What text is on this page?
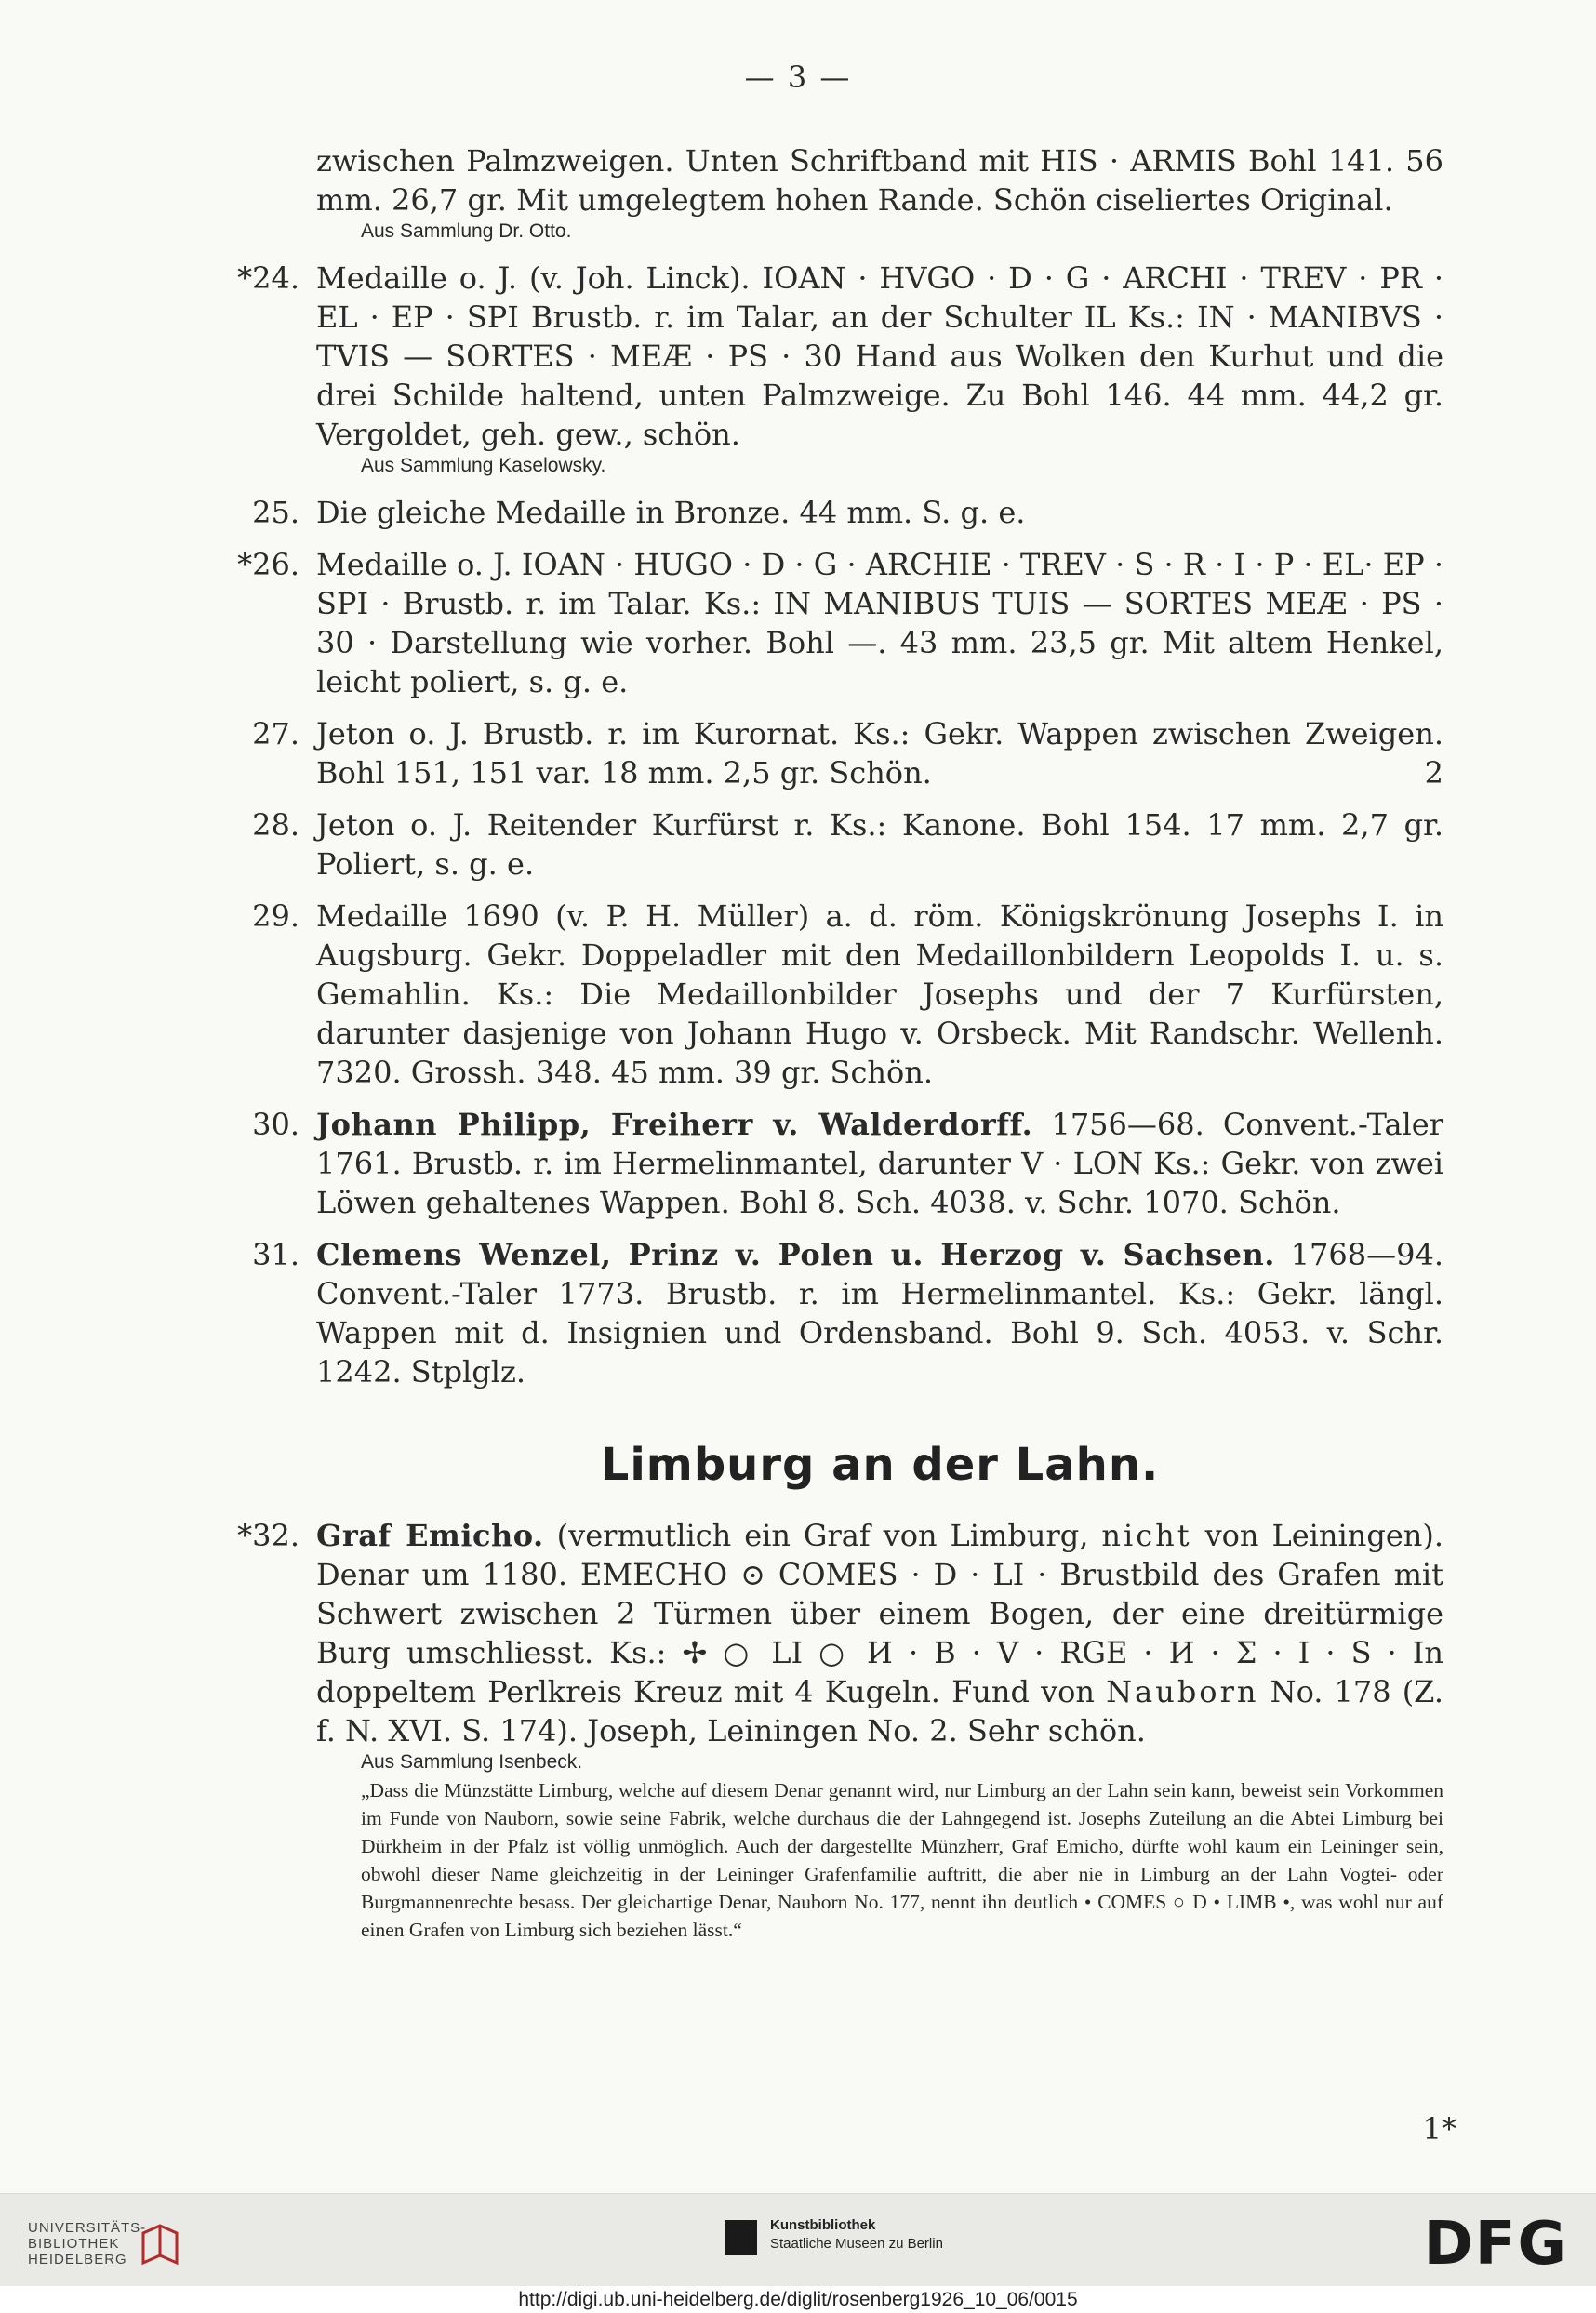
— 3 —
zwischen Palmzweigen. Unten Schriftband mit HIS · ARMIS Bohl 141. 56 mm. 26,7 gr. Mit umgelegtem hohen Rande. Schön ciseliertes Original.
Aus Sammlung Dr. Otto.
*24. Medaille o. J. (v. Joh. Linck). IOAN · HVGO · D · G · ARCHI · TREV · PR · EL · EP · SPI Brustb. r. im Talar, an der Schulter IL Ks.: IN · MANIBVS · TVIS — SORTES · MEÆ · PS · 30 Hand aus Wolken den Kurhut und die drei Schilde haltend, unten Palmzweige. Zu Bohl 146. 44 mm. 44,2 gr. Vergoldet, geh. gew., schön.
Aus Sammlung Kaselowsky.
25. Die gleiche Medaille in Bronze. 44 mm. S. g. e.
*26. Medaille o. J. IOAN · HUGO · D · G · ARCHIE · TREV · S · R · I · P · EL· EP · SPI · Brustb. r. im Talar. Ks.: IN MANIBUS TUIS — SORTES MEÆ · PS · 30 · Darstellung wie vorher. Bohl —. 43 mm. 23,5 gr. Mit altem Henkel, leicht poliert, s. g. e.
27. Jeton o. J. Brustb. r. im Kurornat. Ks.: Gekr. Wappen zwischen Zweigen. Bohl 151, 151 var. 18 mm. 2,5 gr. Schön.	2
28. Jeton o. J. Reitender Kurfürst r. Ks.: Kanone. Bohl 154. 17 mm. 2,7 gr. Poliert, s. g. e.
29. Medaille 1690 (v. P. H. Müller) a. d. röm. Königskrönung Josephs I. in Augsburg. Gekr. Doppeladler mit den Medaillonbildern Leopolds I. u. s. Gemahlin. Ks.: Die Medaillonbilder Josephs und der 7 Kurfürsten, darunter dasjenige von Johann Hugo v. Orsbeck. Mit Randschr. Wellenh. 7320. Grossh. 348. 45 mm. 39 gr. Schön.
30. Johann Philipp, Freiherr v. Walderdorff. 1756—68. Convent.-Taler 1761. Brustb. r. im Hermelinmantel, darunter V · LON Ks.: Gekr. von zwei Löwen gehaltenes Wappen. Bohl 8. Sch. 4038. v. Schr. 1070. Schön.
31. Clemens Wenzel, Prinz v. Polen u. Herzog v. Sachsen. 1768—94. Convent.-Taler 1773. Brustb. r. im Hermelinmantel. Ks.: Gekr. längl. Wappen mit d. Insignien und Ordensband. Bohl 9. Sch. 4053. v. Schr. 1242. Stplglz.
Limburg an der Lahn.
*32. Graf Emicho. (vermutlich ein Graf von Limburg, nicht von Leiningen). Denar um 1180. EMECHO ⊙ COMES · D · LI · Brustbild des Grafen mit Schwert zwischen 2 Türmen über einem Bogen, der eine dreitürmige Burg umschliesst. Ks.: ✢ ○ LI ○ И · B · V · RGE · И · Σ · I · S · In doppeltem Perlkreis Kreuz mit 4 Kugeln. Fund von Nauborn No. 178 (Z. f. N. XVI. S. 174). Joseph, Leiningen No. 2. Sehr schön.
Aus Sammlung Isenbeck.
„Dass die Münzstätte Limburg, welche auf diesem Denar genannt wird, nur Limburg an der Lahn sein kann, beweist sein Vorkommen im Funde von Nauborn, sowie seine Fabrik, welche durchaus die der Lahngegend ist. Josephs Zuteilung an die Abtei Limburg bei Dürkheim in der Pfalz ist völlig unmöglich. Auch der dargestellte Münzherr, Graf Emicho, dürfte wohl kaum ein Leininger sein, obwohl dieser Name gleichzeitig in der Leininger Grafenfamilie auftritt, die aber nie in Limburg an der Lahn Vogtei- oder Burgmannenrechte besass. Der gleichartige Denar, Nauborn No. 177, nennt ihn deutlich • COMES ○ D • LIMB •, was wohl nur auf einen Grafen von Limburg sich beziehen lässt.“
1*
UNIVERSITÄTS-
BIBLIOTHEK
HEIDELBERG
Kunstbibliothek
Staatliche Museen zu Berlin	DFG
http://digi.ub.uni-heidelberg.de/diglit/rosenberg1926_10_06/0015
